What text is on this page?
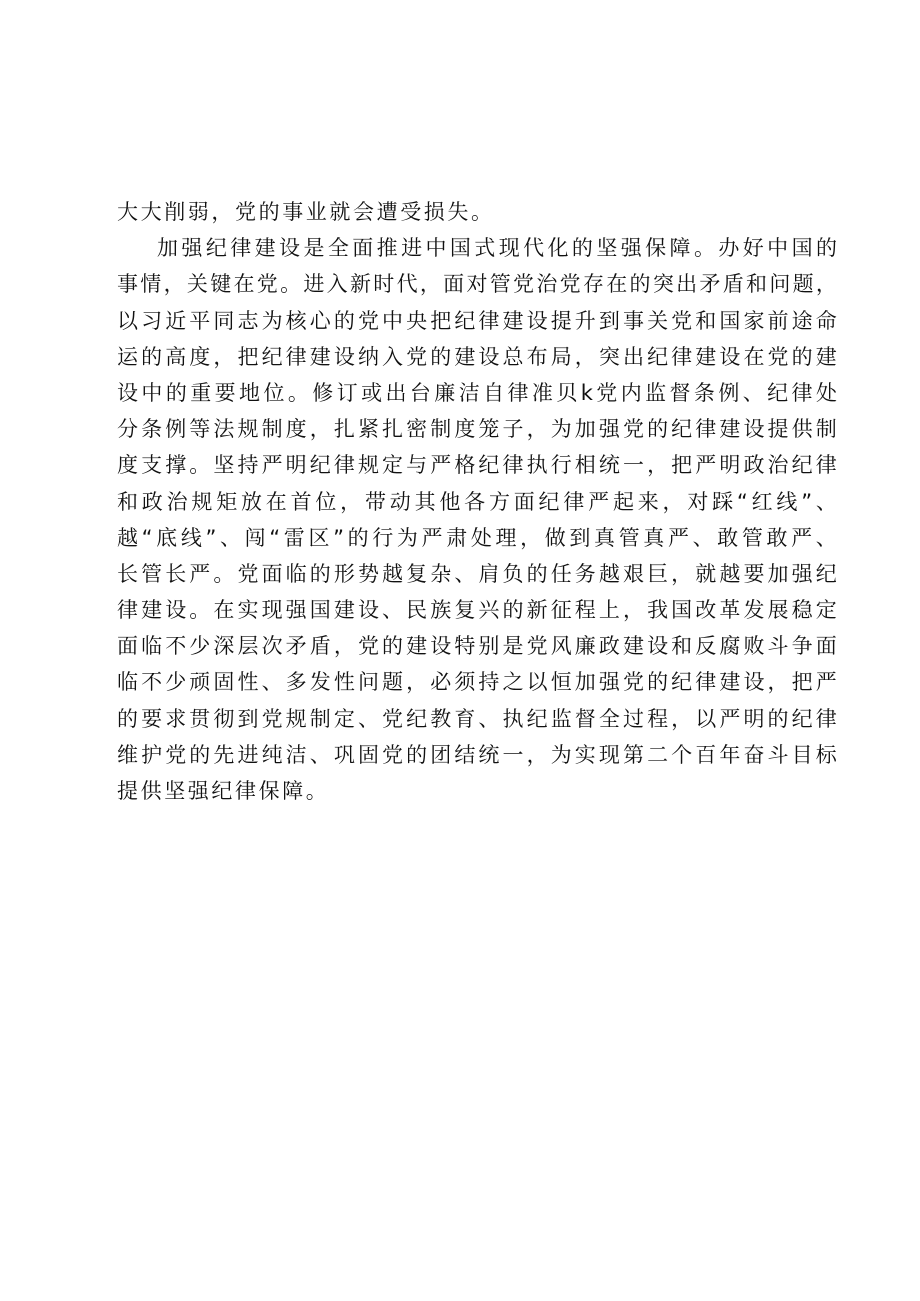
大大削弱，党的事业就会遭受损失。
加 强 纪 律 建 设 是 全 面 推 进 中 国 式 现 代 化 的 坚 强 保 障 。 办 好 中 国 的
事 情 ， 关 键 在 党 。 进 入 新 时 代 ， 面 对 管 党 治 党 存 在 的 突 出 矛 盾 和 问 题 ，
以 习 近 平 同 志 为 核 心 的 党 中 央 把 纪 律 建 设 提 升 到 事 关 党 和 国 家 前 途 命
运 的 高 度 ， 把 纪 律 建 设 纳 入 党 的 建 设 总 布 局 ， 突 出 纪 律 建 设 在 党 的 建
设 中 的 重 要 地 位 。 修 订 或 出 台 廉 洁 自 律 准 贝 k 党 内 监 督 条 例 、 纪 律 处
分 条 例 等 法 规 制 度 ， 扎 紧 扎 密 制 度 笼 子 ， 为 加 强 党 的 纪 律 建 设 提 供 制
度 支 撑 。 坚 持 严 明 纪 律 规 定 与 严 格 纪 律 执 行 相 统 一 ， 把 严 明 政 治 纪 律
和 政 治 规 矩 放 在 首 位 ， 带 动 其 他 各 方 面 纪 律 严 起 来 ， 对 踩 “ 红 线 ” 、
越 “ 底 线 ” 、 闯 “ 雷 区 ” 的 行 为 严 肃 处 理 ， 做 到 真 管 真 严 、 敢 管 敢 严 、
长 管 长 严 。 党 面 临 的 形 势 越 复 杂 、 肩 负 的 任 务 越 艰 巨 ， 就 越 要 加 强 纪
律 建 设 。 在 实 现 强 国 建 设 、 民 族 复 兴 的 新 征 程 上 ， 我 国 改 革 发 展 稳 定
面 临 不 少 深 层 次 矛 盾 ， 党 的 建 设 特 别 是 党 风 廉 政 建 设 和 反 腐 败 斗 争 面
临 不 少 顽 固 性 、 多 发 性 问 题 ， 必 须 持 之 以 恒 加 强 党 的 纪 律 建 设 ， 把 严
的 要 求 贯 彻 到 党 规 制 定 、 党 纪 教 育 、 执 纪 监 督 全 过 程 ， 以 严 明 的 纪 律
维 护 党 的 先 进 纯 洁 、 巩 固 党 的 团 结 统 一 ， 为 实 现 第 二 个 百 年 奋 斗 目 标
提供坚强纪律保障。
